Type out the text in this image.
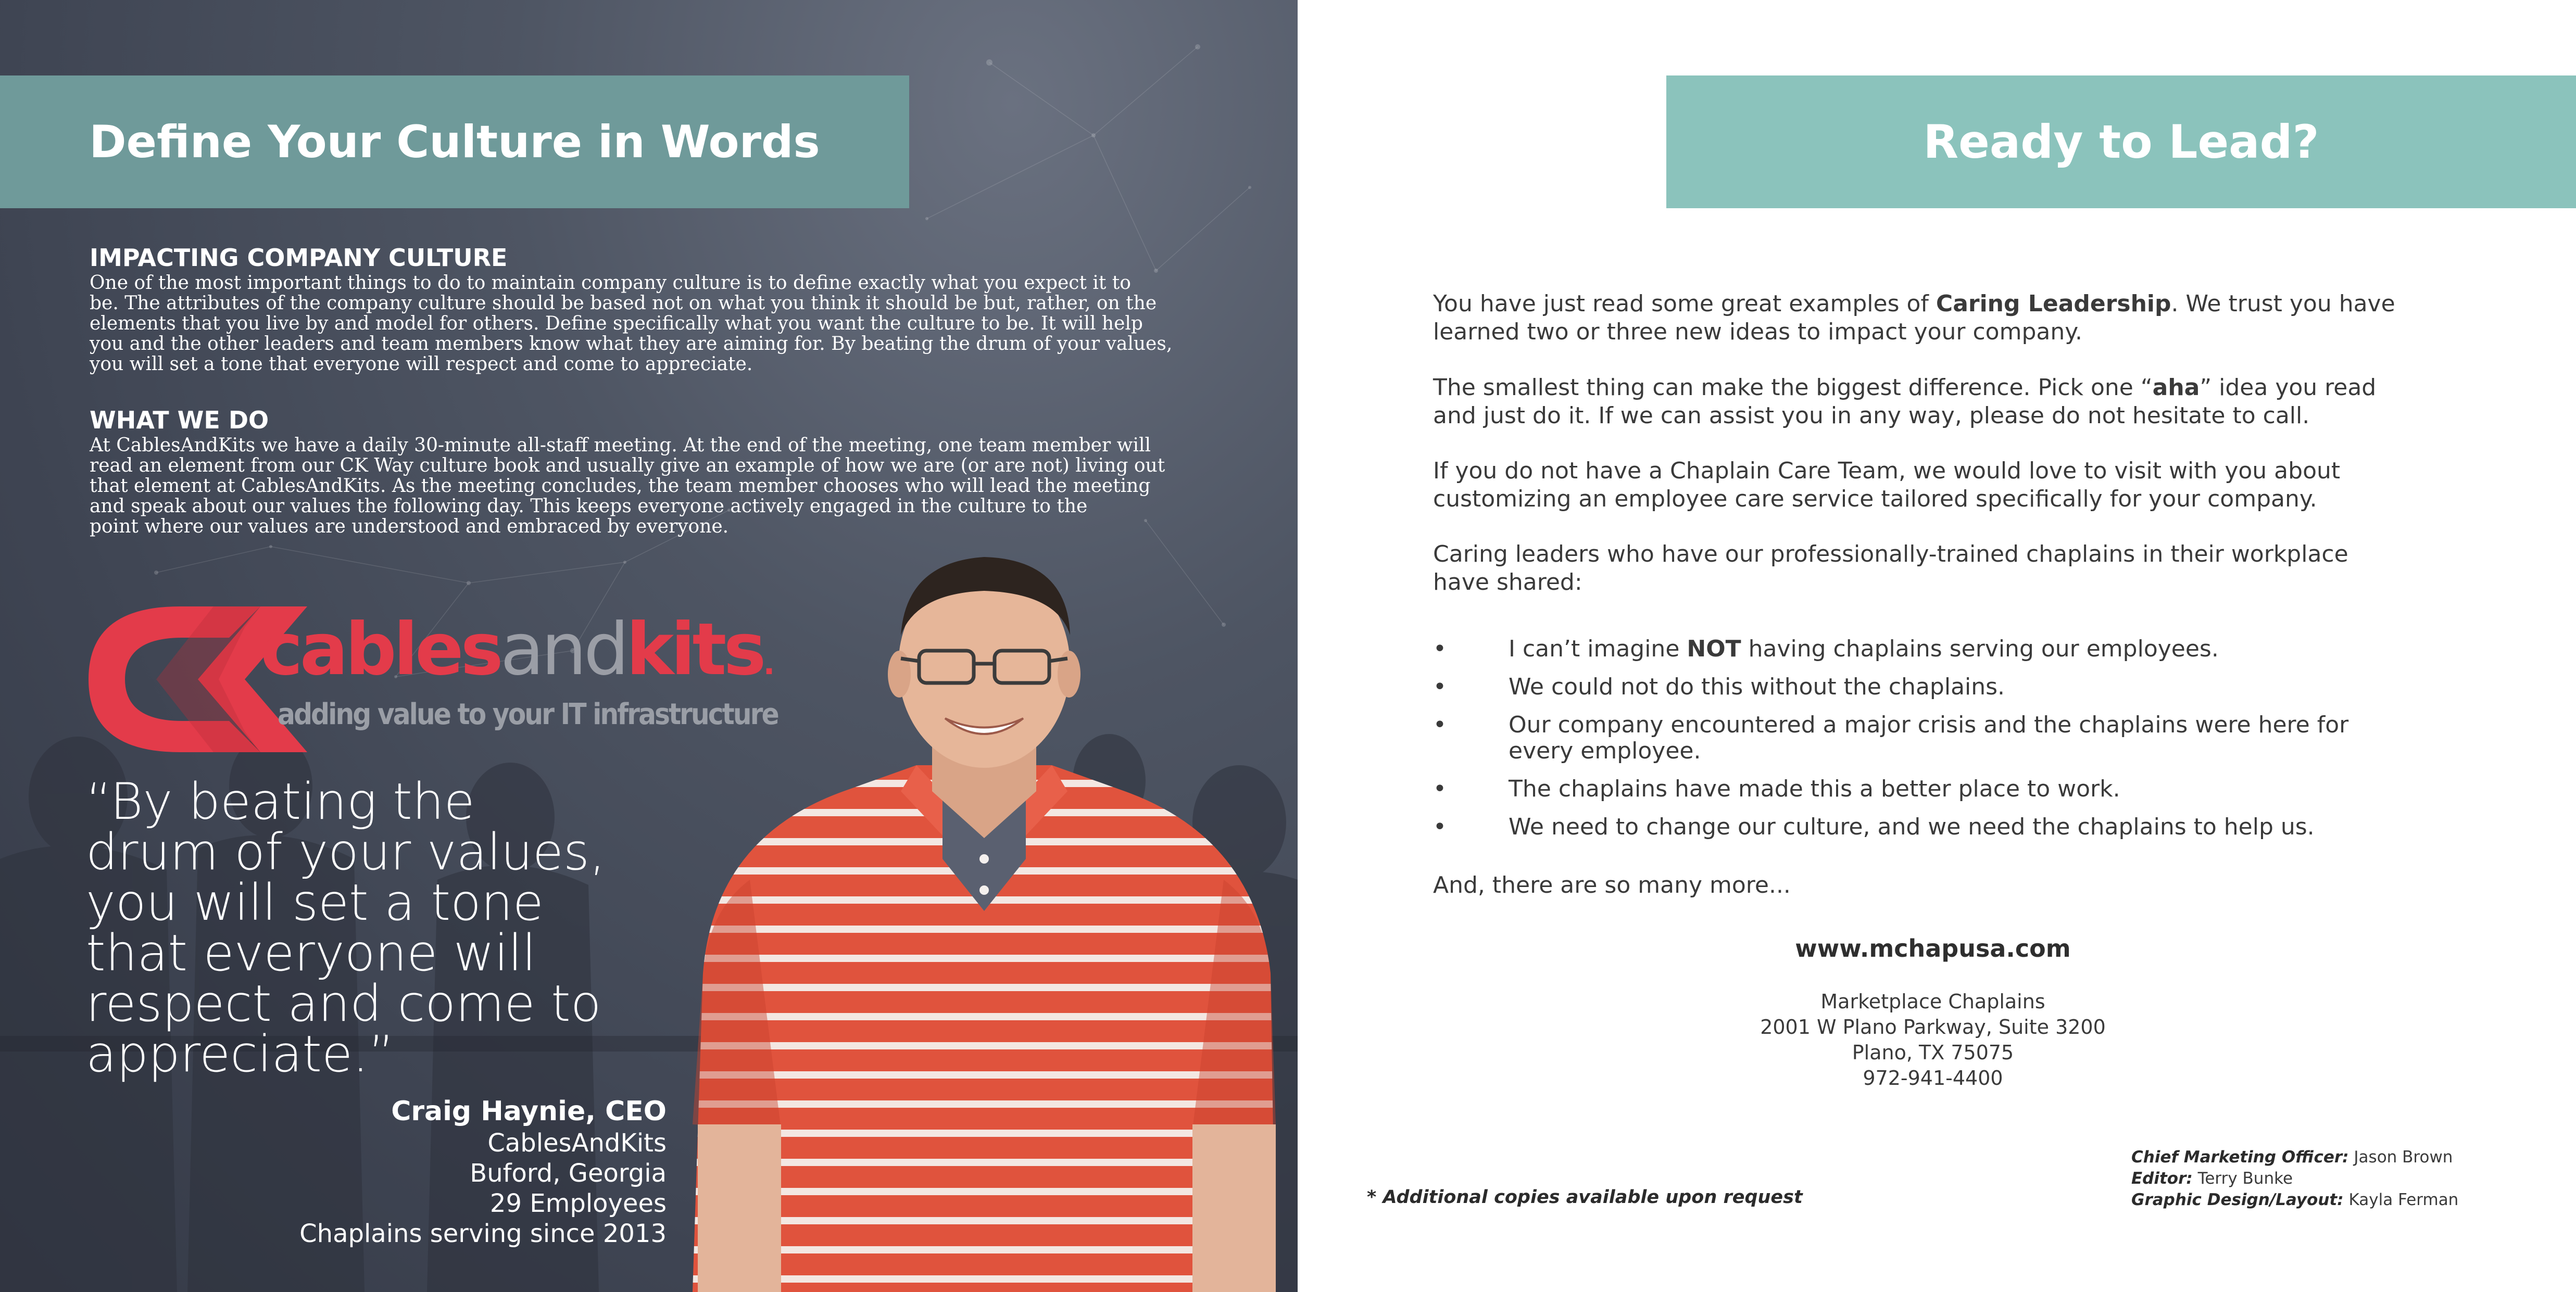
Define Your Culture in Words
IMPACTING COMPANY CULTURE
One of the most important things to do to maintain company culture is to define exactly what you expect it to
be. The attributes of the company culture should be based not on what you think it should be but, rather, on the
elements that you live by and model for others. Define specifically what you want the culture to be. It will help
you and the other leaders and team members know what they are aiming for. By beating the drum of your values,
you will set a tone that everyone will respect and come to appreciate.
WHAT WE DO
At CablesAndKits we have a daily 30-minute all-staff meeting. At the end of the meeting, one team member will
read an element from our CK Way culture book and usually give an example of how we are (or are not) living out
that element at CablesAndKits. As the meeting concludes, the team member chooses who will lead the meeting
and speak about our values the following day. This keeps everyone actively engaged in the culture to the
point where our values are understood and embraced by everyone.
cablesandkits.
adding value to your IT infrastructure
“By beating the
drum of your values,
you will set a tone
that everyone will
respect and come to
appreciate.”
Craig Haynie, CEO
CablesAndKits
Buford, Georgia
29 Employees
Chaplains serving since 2013
Ready to Lead?
You have just read some great examples of Caring Leadership. We trust you have
learned two or three new ideas to impact your company.
The smallest thing can make the biggest difference. Pick one “aha” idea you read
and just do it. If we can assist you in any way, please do not hesitate to call.
If you do not have a Chaplain Care Team, we would love to visit with you about
customizing an employee care service tailored specifically for your company.
Caring leaders who have our professionally-trained chaplains in their workplace
have shared:
•	I can’t imagine NOT having chaplains serving our employees.
•	We could not do this without the chaplains.
•	Our company encountered a major crisis and the chaplains were here for
every employee.
•	The chaplains have made this a better place to work.
•	We need to change our culture, and we need the chaplains to help us.
And, there are so many more...
www.mchapusa.com
Marketplace Chaplains
2001 W Plano Parkway, Suite 3200
Plano, TX 75075
972-941-4400
* Additional copies available upon request
Chief Marketing Officer: Jason Brown
Editor: Terry Bunke
Graphic Design/Layout: Kayla Ferman
